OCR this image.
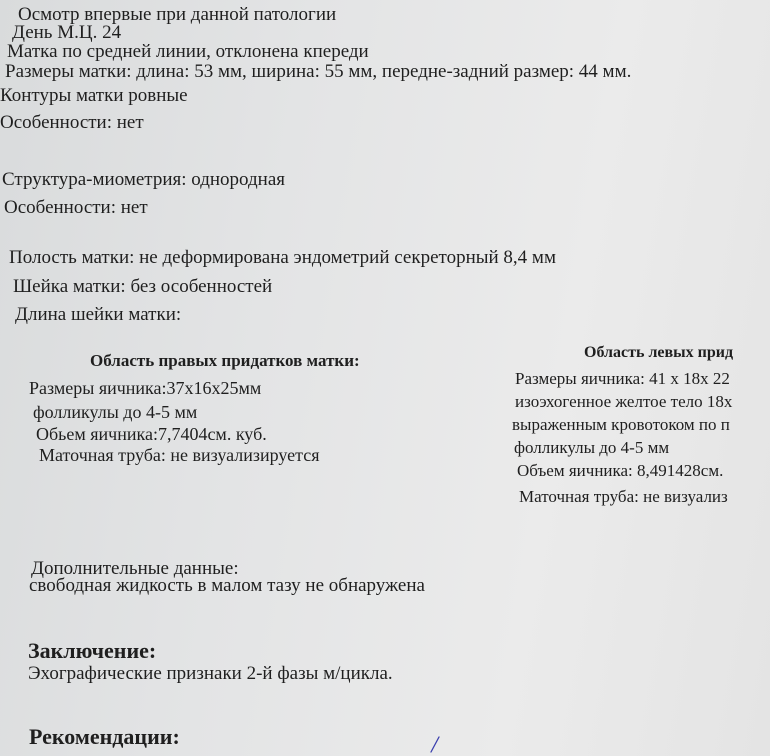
Осмотр впервые при данной патологии
День М.Ц. 24
Матка по средней линии, отклонена кпереди
Размеры матки: длина: 53 мм, ширина: 55 мм, передне-задний размер: 44 мм.
Контуры матки ровные
Особенности: нет
Структура-миометрия: однородная
Особенности: нет
Полость матки: не деформирована эндометрий секреторный 8,4 мм
Шейка матки: без особенностей
Длина шейки матки:
Область правых придатков матки:
Размеры яичника:37x16x25мм
фолликулы до 4-5 мм
Обьем яичника:7,7404см. куб.
Маточная труба: не визуализируется
Область левых прид
Размеры яичника: 41 х 18х 22
изоэхогенное желтое тело 18х
выраженным кровотоком по п
фолликулы до 4-5 мм
Объем яичника: 8,491428см.
Маточная труба: не визуализ
Дополнительные данные:
свободная жидкость в малом тазу не обнаружена
Заключение:
Эхографические признаки 2-й фазы м/цикла.
Рекомендации:
